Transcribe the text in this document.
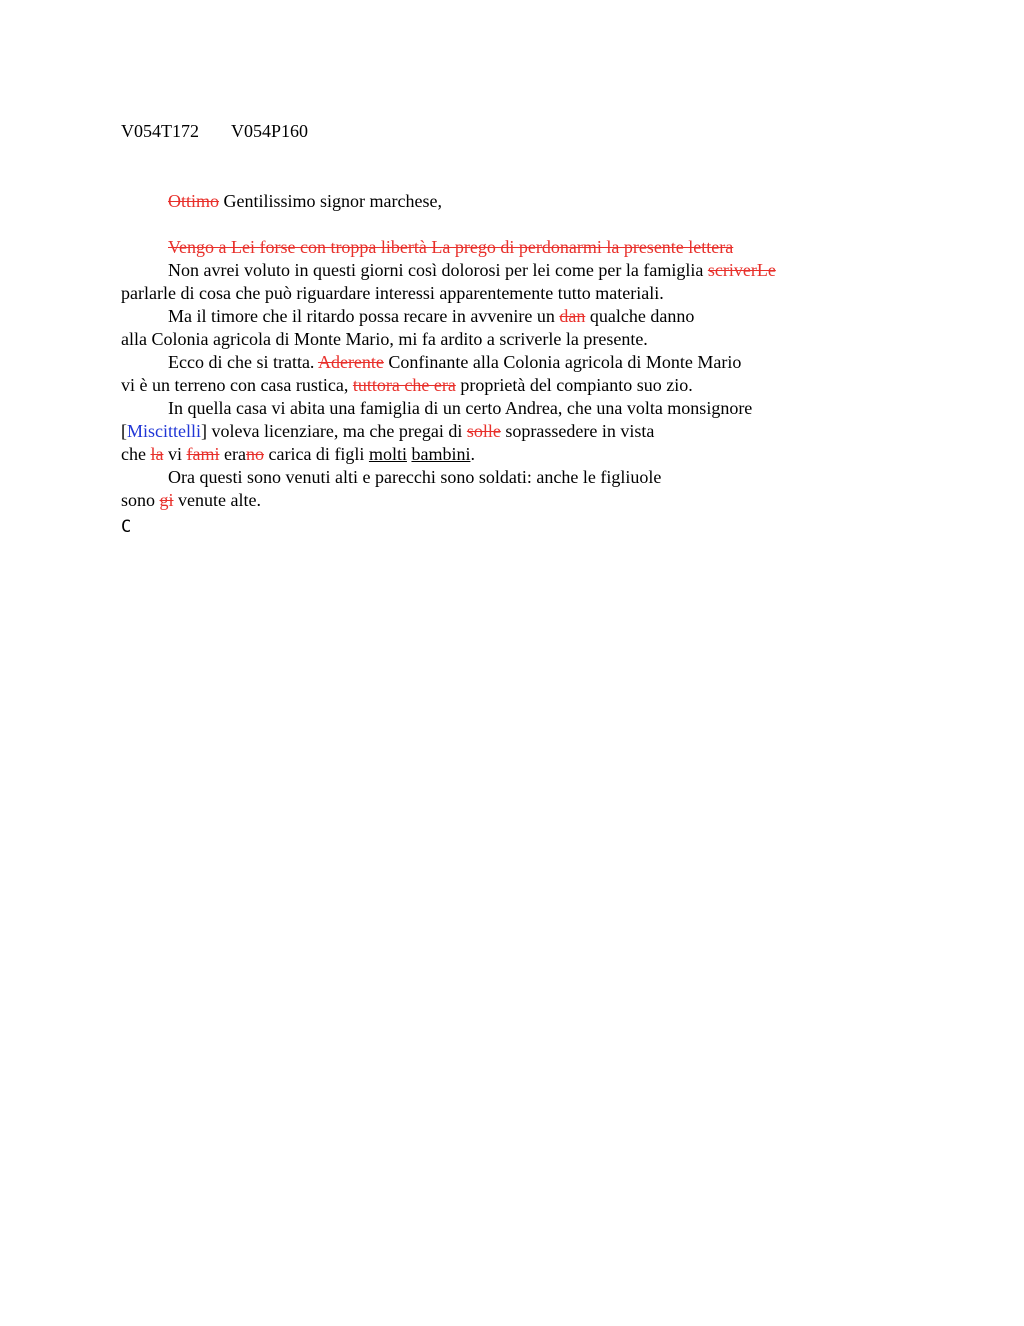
V054T172 V054P160
Ottimo Gentilissimo signor marchese,
Vengo a Lei forse con troppa libertà La prego di perdonarmi la presente lettera
Non avrei voluto in questi giorni così dolorosi per lei come per la famiglia scriverLe
parlarle di cosa che può riguardare interessi apparentemente tutto materiali.
Ma il timore che il ritardo possa recare in avvenire un dan qualche danno
alla Colonia agricola di Monte Mario, mi fa ardito a scriverle la presente.
Ecco di che si tratta. Aderente Confinante alla Colonia agricola di Monte Mario
vi è un terreno con casa rustica, tuttora che era proprietà del compianto suo zio.
In quella casa vi abita una famiglia di un certo Andrea, che una volta monsignore
[Miscittelli] voleva licenziare, ma che pregai di solle soprassedere in vista
che la vi fami erano carica di figli molti bambini.
Ora questi sono venuti alti e parecchi sono soldati: anche le figliuole
sono gi venute alte.
C
